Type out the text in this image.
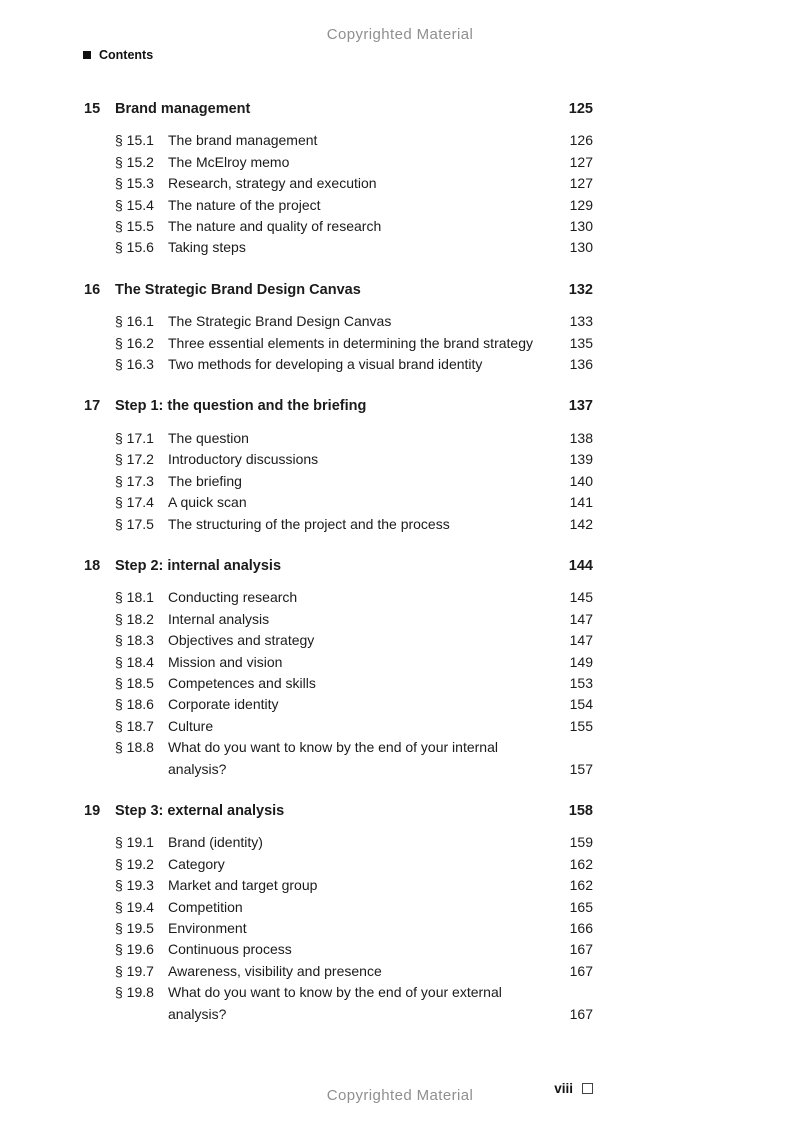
Copyrighted Material
Contents
15	Brand management	125
§ 15.1	The brand management	126
§ 15.2	The McElroy memo	127
§ 15.3	Research, strategy and execution	127
§ 15.4	The nature of the project	129
§ 15.5	The nature and quality of research	130
§ 15.6	Taking steps	130
16	The Strategic Brand Design Canvas	132
§ 16.1	The Strategic Brand Design Canvas	133
§ 16.2	Three essential elements in determining the brand strategy	135
§ 16.3	Two methods for developing a visual brand identity	136
17	Step 1: the question and the briefing	137
§ 17.1	The question	138
§ 17.2	Introductory discussions	139
§ 17.3	The briefing	140
§ 17.4	A quick scan	141
§ 17.5	The structuring of the project and the process	142
18	Step 2: internal analysis	144
§ 18.1	Conducting research	145
§ 18.2	Internal analysis	147
§ 18.3	Objectives and strategy	147
§ 18.4	Mission and vision	149
§ 18.5	Competences and skills	153
§ 18.6	Corporate identity	154
§ 18.7	Culture	155
§ 18.8	What do you want to know by the end of your internal analysis?	157
19	Step 3: external analysis	158
§ 19.1	Brand (identity)	159
§ 19.2	Category	162
§ 19.3	Market and target group	162
§ 19.4	Competition	165
§ 19.5	Environment	166
§ 19.6	Continuous process	167
§ 19.7	Awareness, visibility and presence	167
§ 19.8	What do you want to know by the end of your external analysis?	167
Copyrighted Material	viii
